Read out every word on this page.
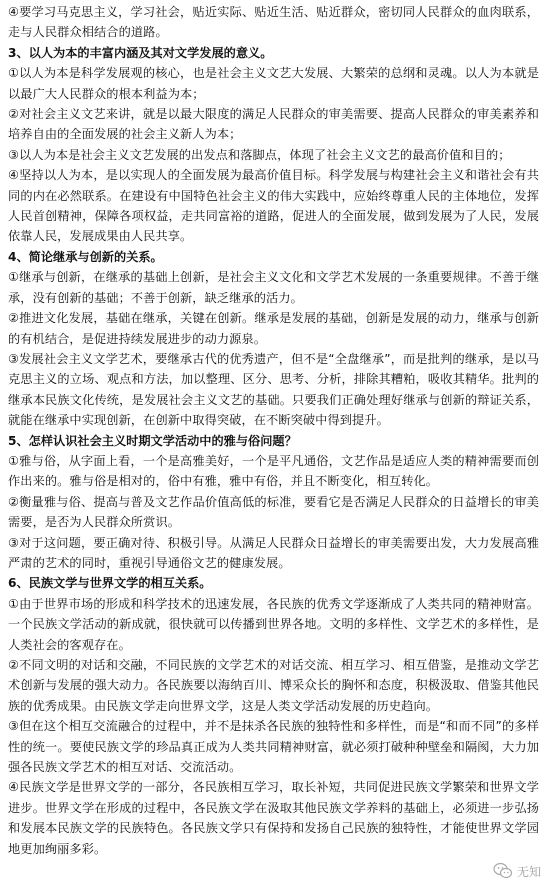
④要学习马克思主义，学习社会，贴近实际、贴近生活、贴近群众，密切同人民群众的血肉联系，走与人民群众相结合的道路。

3、以人为本的丰富内涵及其对文学发展的意义。

①以人为本是科学发展观的核心，也是社会主义文艺大发展、大繁荣的总纲和灵魂。以人为本就是以最广大人民群众的根本利益为本；

②对社会主义文艺来讲，就是以最大限度的满足人民群众的审美需要、提高人民群众的审美素养和培养自由的全面发展的社会主义新人为本；

③以人为本是社会主义文艺发展的出发点和落脚点，体现了社会主义文艺的最高价值和目的；

④坚持以人为本，是以实现人的全面发展为最高价值目标。科学发展与构建社会主义和谐社会有共同的内在必然联系。在建设有中国特色社会主义的伟大实践中，应始终尊重人民的主体地位，发挥人民首创精神，保障各项权益，走共同富裕的道路，促进人的全面发展，做到发展为了人民，发展依靠人民，发展成果由人民共享。

4、简论继承与创新的关系。

①继承与创新，在继承的基础上创新，是社会主义文化和文学艺术发展的一条重要规律。不善于继承，没有创新的基础；不善于创新，缺乏继承的活力。

②推进文化发展，基础在继承，关键在创新。继承是发展的基础，创新是发展的动力，继承与创新的有机结合，是促进持续发展进步的动力源泉。

③发展社会主义文学艺术，要继承古代的优秀遗产，但不是“全盘继承”，而是批判的继承，是以马克思主义的立场、观点和方法，加以整理、区分、思考、分析，排除其糟粕，吸收其精华。批判的继承本民族文化传统，是发展社会主义文艺的基础。只要我们正确处理好继承与创新的辩证关系，就能在继承中实现创新，在创新中取得突破，在不断突破中得到提升。

5、怎样认识社会主义时期文学活动中的雅与俗问题？

①雅与俗，从字面上看，一个是高雅美好，一个是平凡通俗，文艺作品是适应人类的精神需要而创作出来的。雅与俗是相对的，俗中有雅，雅中有俗，并且不断变化，相互转化。

②衡量雅与俗、提高与普及文艺作品价值高低的标准，要看它是否满足人民群众的日益增长的审美需要，是否为人民群众所赏识。

③对于这问题，要正确对待、积极引导。从满足人民群众日益增长的审美需要出发，大力发展高雅严肃的艺术的同时，重视引导通俗文艺的健康发展。

6、民族文学与世界文学的相互关系。

①由于世界市场的形成和科学技术的迅速发展，各民族的优秀文学逐渐成了人类共同的精神财富。一个民族文学活动的新成就，很快就可以传播到世界各地。文明的多样性、文学艺术的多样性，是人类社会的客观存在。

②不同文明的对话和交融，不同民族的文学艺术的对话交流、相互学习、相互借鉴，是推动文学艺术创新与发展的强大动力。各民族要以海纳百川、博采众长的胸怀和态度，积极汲取、借鉴其他民族的优秀成果。由民族文学走向世界文学，这是人类文学活动发展的历史趋向。

③但在这个相互交流融合的过程中，并不是抹杀各民族的独特性和多样性，而是“和而不同”的多样性的统一。要使民族文学的珍品真正成为人类共同精神财富，就必须打破种种壁垒和隔阂，大力加强各民族文学艺术的相互对话、交流活动。

④民族文学是世界文学的一部分，各民族相互学习，取长补短，共同促进民族文学繁荣和世界文学进步。世界文学在形成的过程中，各民族文学在汲取其他民族文学养料的基础上，必须进一步弘扬和发展本民族文学的民族特色。各民族文学只有保持和发扬自己民族的独特性，才能使世界文学园地更加绚丽多彩。

无知
